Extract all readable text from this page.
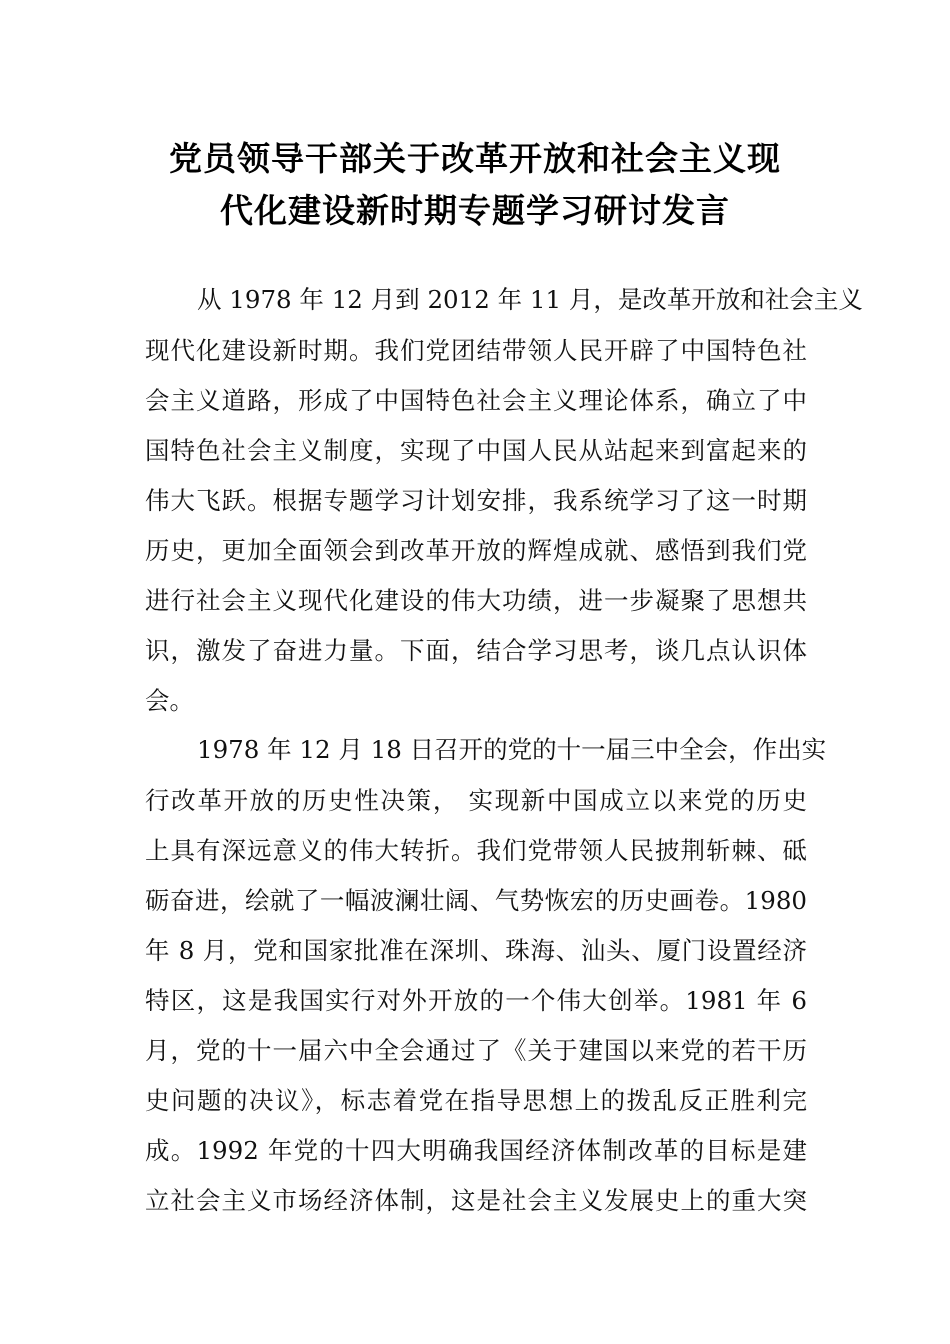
党员领导干部关于改革开放和社会主义现
代化建设新时期专题学习研讨发言
从 1978 年 12 月到 2012 年 11 月，是改革开放和社会主义
现代化建设新时期。我们党团结带领人民开辟了中国特色社
会主义道路，形成了中国特色社会主义理论体系，确立了中
国特色社会主义制度，实现了中国人民从站起来到富起来的
伟大飞跃。根据专题学习计划安排，我系统学习了这一时期
历史，更加全面领会到改革开放的辉煌成就、感悟到我们党
进行社会主义现代化建设的伟大功绩，进一步凝聚了思想共
识，激发了奋进力量。下面，结合学习思考，谈几点认识体
会。
1978 年 12 月 18 日召开的党的十一届三中全会，作出实
行改革开放的历史性决策， 实现新中国成立以来党的历史
上具有深远意义的伟大转折。我们党带领人民披荆斩棘、砥
砺奋进，绘就了一幅波澜壮阔、气势恢宏的历史画卷。1980
年 8 月，党和国家批准在深圳、珠海、汕头、厦门设置经济
特区，这是我国实行对外开放的一个伟大创举。1981 年 6
月，党的十一届六中全会通过了《关于建国以来党的若干历
史问题的决议》，标志着党在指导思想上的拨乱反正胜利完
成。1992 年党的十四大明确我国经济体制改革的目标是建
立社会主义市场经济体制，这是社会主义发展史上的重大突
